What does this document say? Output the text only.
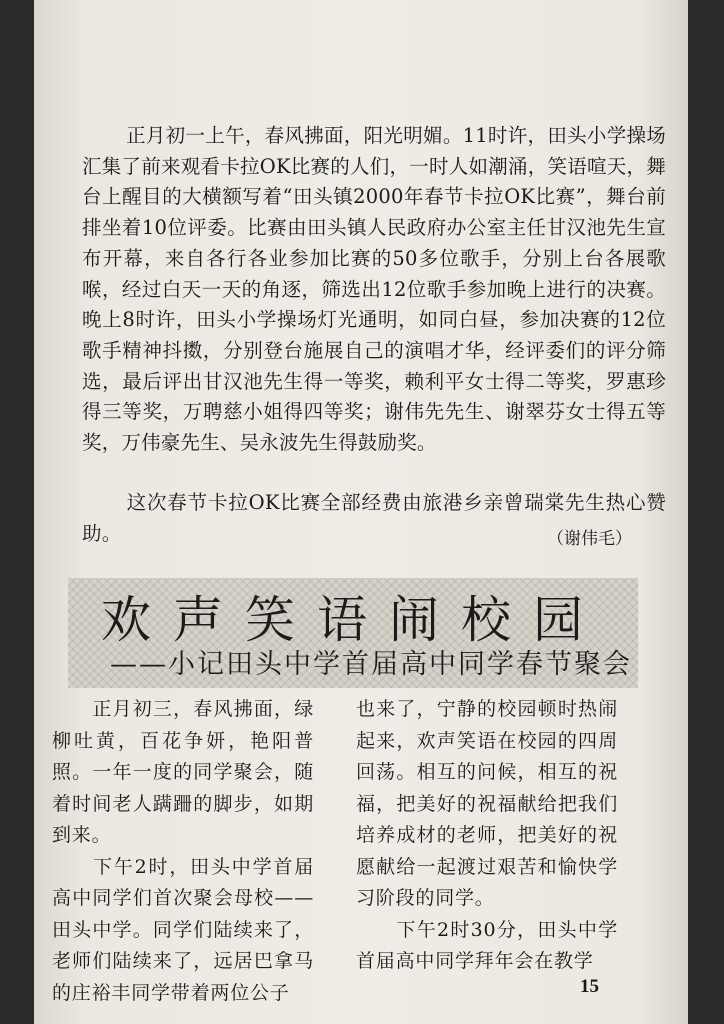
正月初一上午，春风拂面，阳光明媚。11时许，田头小学操场汇集了前来观看卡拉OK比赛的人们，一时人如潮涌，笑语喧天，舞台上醒目的大横额写着“田头镇2000年春节卡拉OK比赛”，舞台前排坐着10位评委。比赛由田头镇人民政府办公室主任甘汉池先生宣布开幕，来自各行各业参加比赛的50多位歌手，分别上台各展歌喉，经过白天一天的角逐，筛选出12位歌手参加晚上进行的决赛。晚上8时许，田头小学操场灯光通明，如同白昼，参加决赛的12位歌手精神抖擞，分别登台施展自己的演唱才华，经评委们的评分筛选，最后评出甘汉池先生得一等奖，赖利平女士得二等奖，罗惠珍得三等奖，万聘慈小姐得四等奖；谢伟先先生、谢翠芬女士得五等奖，万伟豪先生、吴永波先生得鼓励奖。

这次春节卡拉OK比赛全部经费由旅港乡亲曾瑞棠先生热心赞助。	（谢伟毛）
欢声笑语闹校园
——小记田头中学首届高中同学春节聚会

正月初三，春风拂面，绿柳吐黄，百花争妍，艳阳普照。一年一度的同学聚会，随着时间老人蹒跚的脚步，如期到来。

下午2时，田头中学首届高中同学们首次聚会母校——田头中学。同学们陆续来了，老师们陆续来了，远居巴拿马的庄裕丰同学带着两位公子

也来了，宁静的校园顿时热闹起来，欢声笑语在校园的四周回荡。相互的问候，相互的祝福，把美好的祝福献给把我们培养成材的老师，把美好的祝愿献给一起渡过艰苦和愉快学习阶段的同学。

下午2时30分，田头中学首届高中同学拜年会在教学

15
